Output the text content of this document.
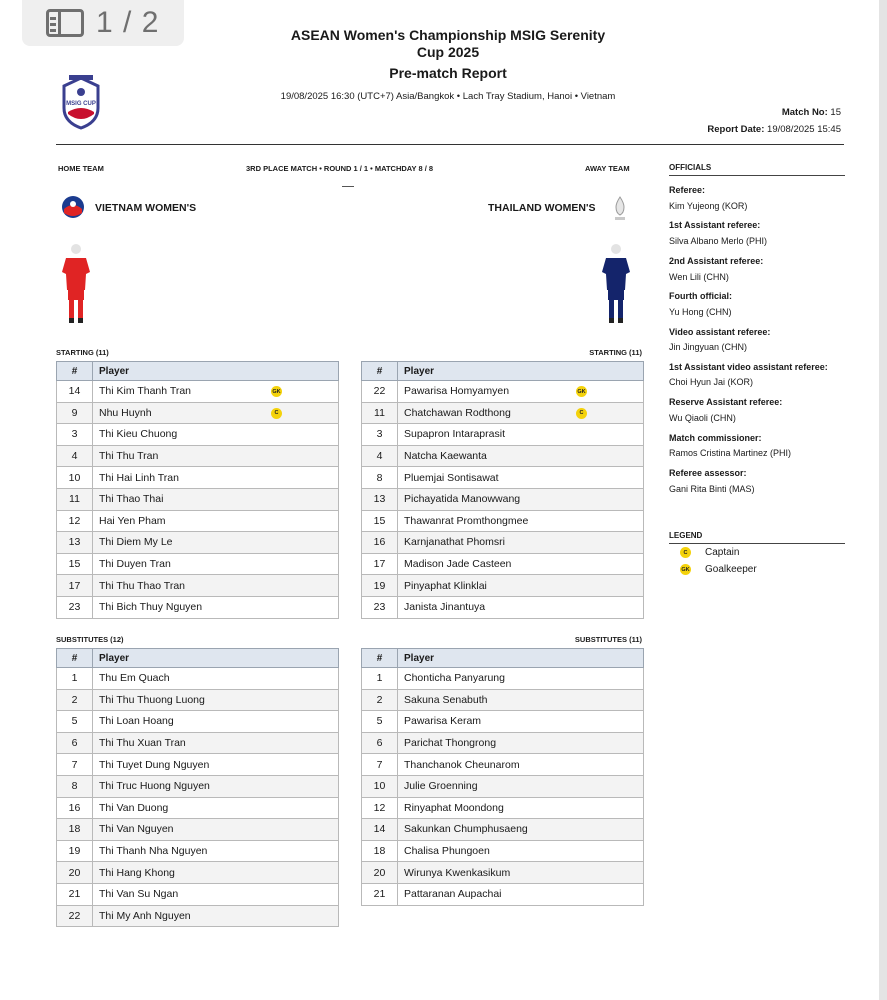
1 / 2
MSIG CUP
ASEAN Women's Championship MSIG Serenity Cup 2025
Pre-match Report
19/08/2025 16:30 (UTC+7) Asia/Bangkok • Lach Tray Stadium, Hanoi • Vietnam
Match No: 15
Report Date: 19/08/2025 15:45
HOME TEAM	3RD PLACE MATCH • ROUND 1 / 1 • MATCHDAY 8 / 8	AWAY TEAM
VIETNAM WOMEN'S	THAILAND WOMEN'S
OFFICIALS
Referee:
Kim Yujeong (KOR)
1st Assistant referee:
Silva Albano Merlo (PHI)
2nd Assistant referee:
Wen Lili (CHN)
Fourth official:
Yu Hong (CHN)
Video assistant referee:
Jin Jingyuan (CHN)
1st Assistant video assistant referee:
Choi Hyun Jai (KOR)
Reserve Assistant referee:
Wu Qiaoli (CHN)
Match commissioner:
Ramos Cristina Martinez (PHI)
Referee assessor:
Gani Rita Binti (MAS)
LEGEND
C	Captain
GK Goalkeeper
STARTING (11)	STARTING (11)
SUBSTITUTES (12)	SUBSTITUTES (11)
#	Player
14	Thi Kim Thanh Tran GK

9	Nhu Huynh C

3	Thi Kieu Chuong
4	Thi Thu Tran
10	Thi Hai Linh Tran
11	Thi Thao Thai
12	Hai Yen Pham
13	Thi Diem My Le
15	Thi Duyen Tran
17	Thi Thu Thao Tran
23	Thi Bich Thuy Nguyen
#	Player
22	Pawarisa Homyamyen GK

11	Chatchawan Rodthong C

3	Supapron Intaraprasit
4	Natcha Kaewanta
8	Pluemjai Sontisawat
13	Pichayatida Manowwang
15	Thawanrat Promthongmee
16	Karnjanathat Phomsri
17	Madison Jade Casteen
19	Pinyaphat Klinklai
23	Janista Jinantuya
#	Player
1	Thu Em Quach
2	Thi Thu Thuong Luong
5	Thi Loan Hoang
6	Thi Thu Xuan Tran
7	Thi Tuyet Dung Nguyen
8	Thi Truc Huong Nguyen
16	Thi Van Duong
18	Thi Van Nguyen
19	Thi Thanh Nha Nguyen
20	Thi Hang Khong
21	Thi Van Su Ngan
22	Thi My Anh Nguyen
#	Player
1	Chonticha Panyarung
2	Sakuna Senabuth
5	Pawarisa Keram
6	Parichat Thongrong
7	Thanchanok Cheunarom
10	Julie Groenning
12	Rinyaphat Moondong
14	Sakunkan Chumphusaeng
18	Chalisa Phungoen
20	Wirunya Kwenkasikum
21	Pattaranan Aupachai
